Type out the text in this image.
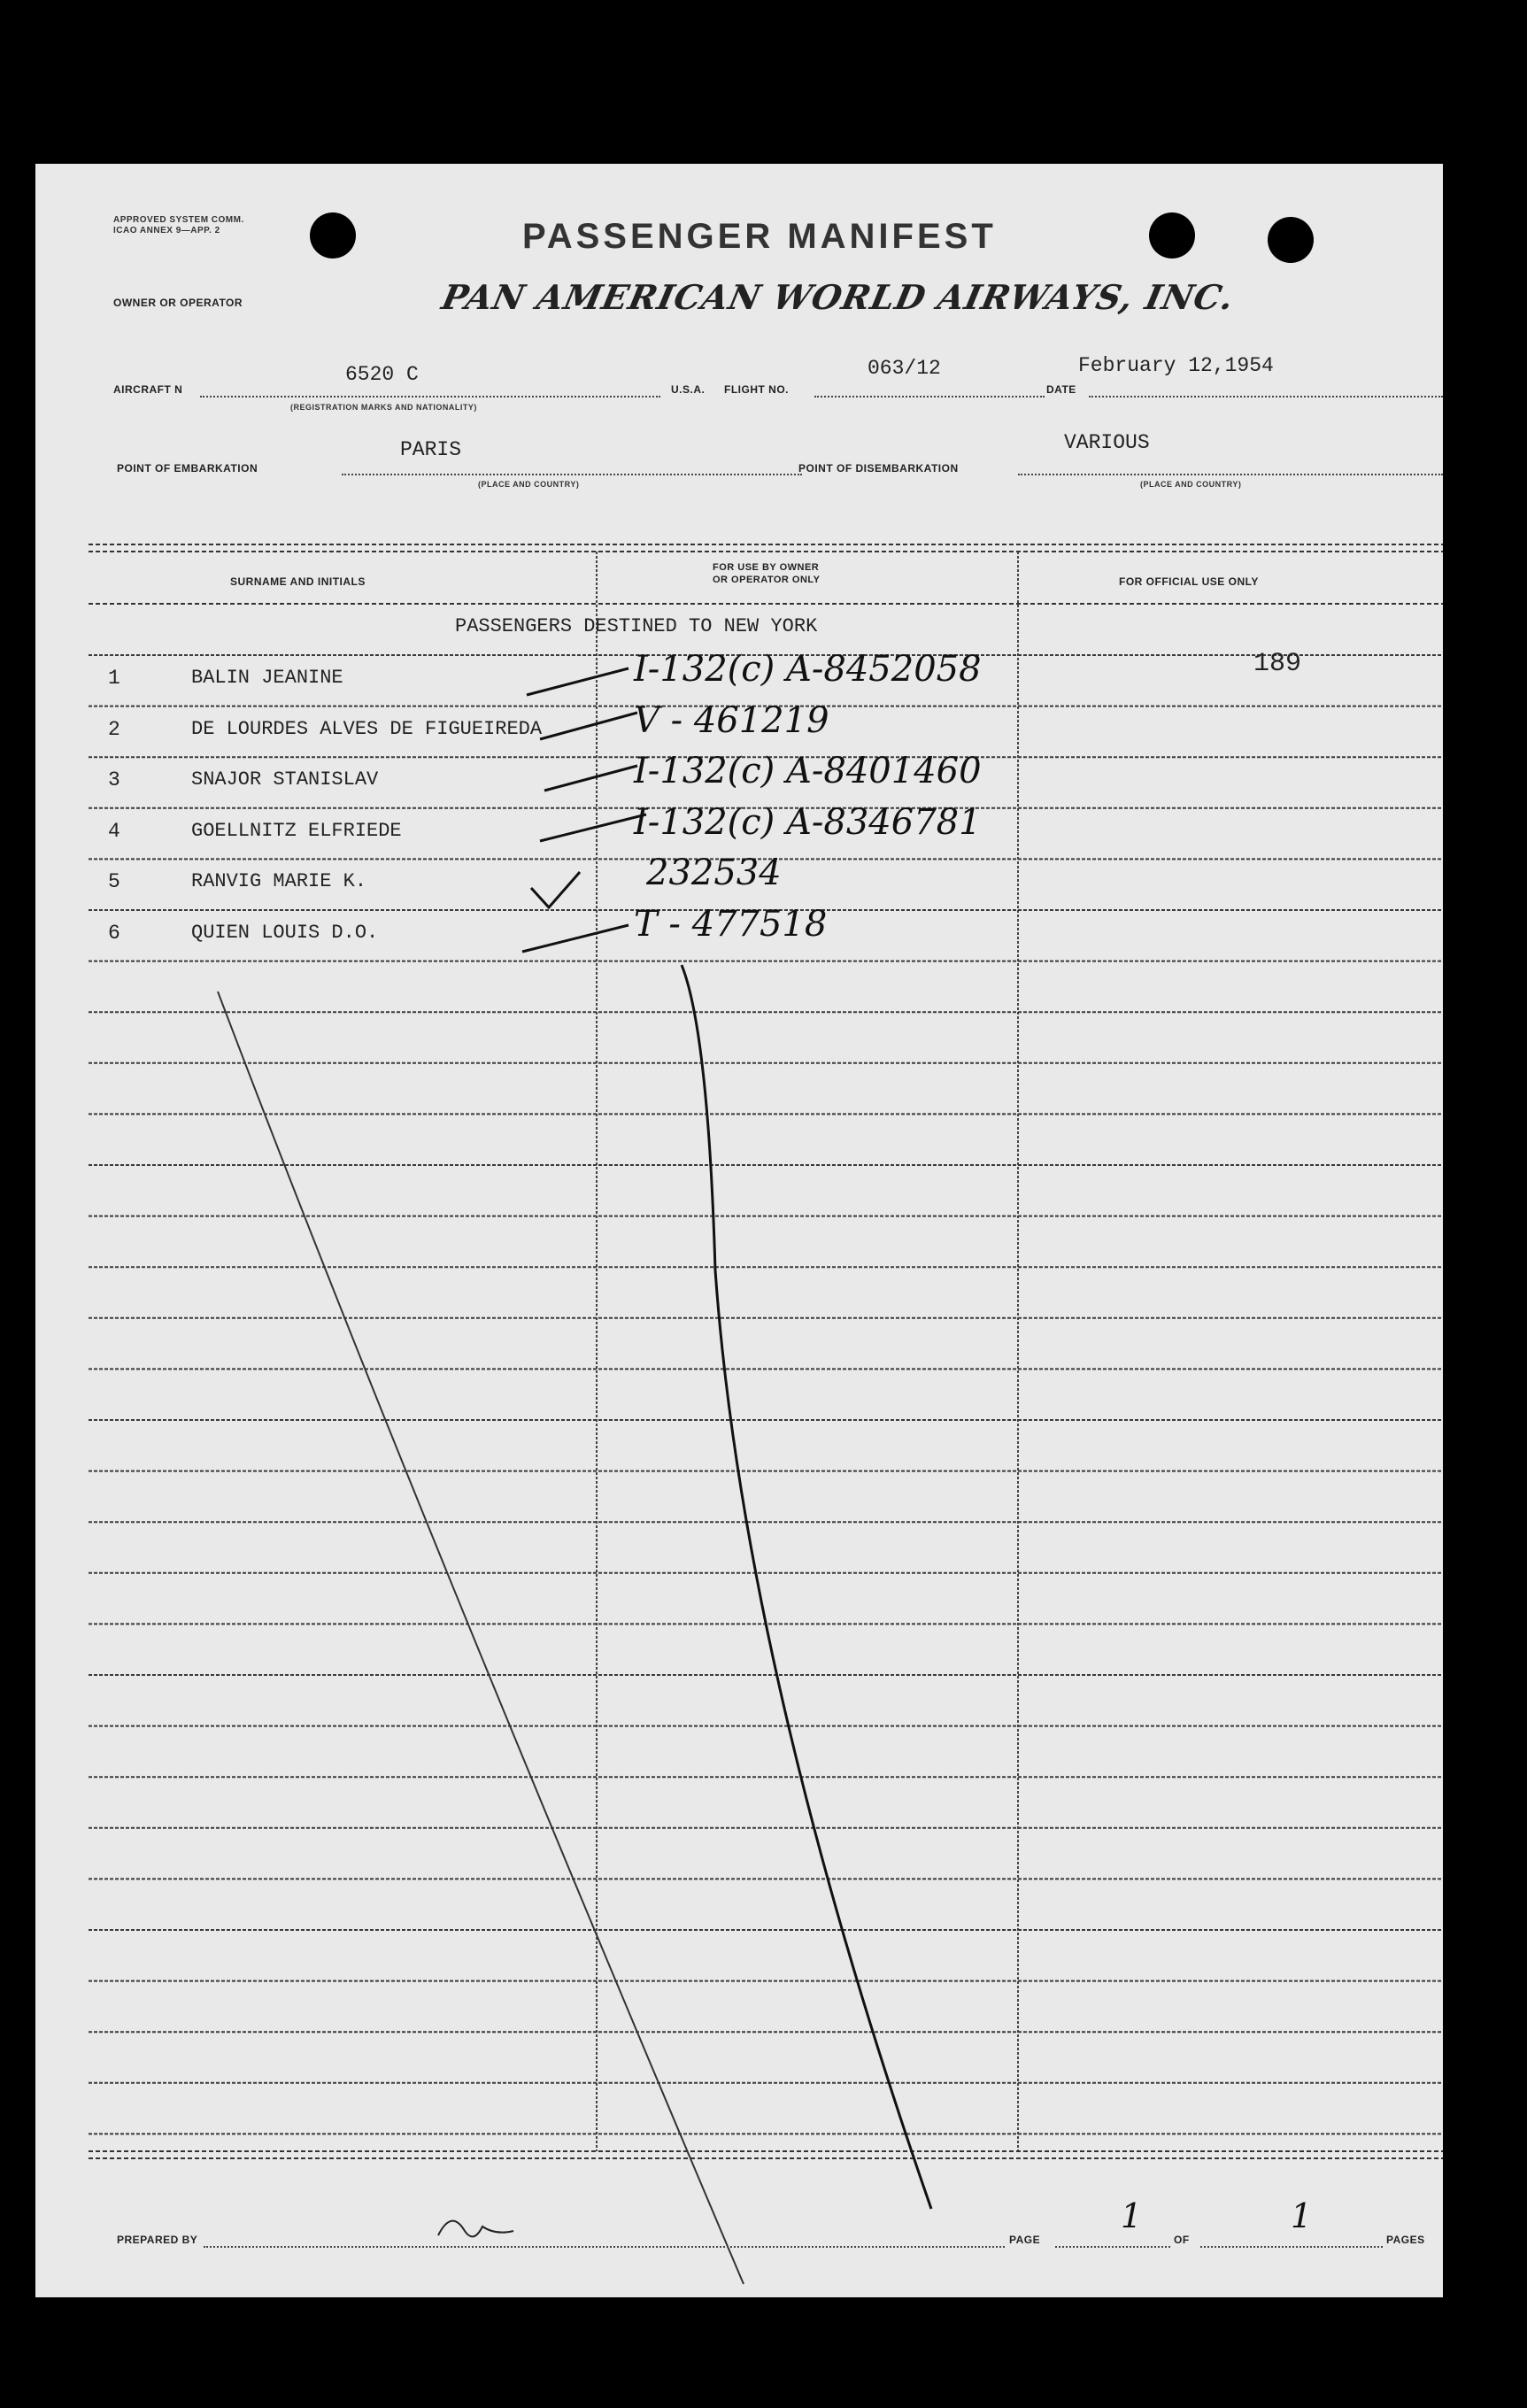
APPROVED SYSTEM COMM. ICAO ANNEX 9—APP. 2	PASSENGER MANIFEST
OWNER OR OPERATOR	PAN AMERICAN WORLD AIRWAYS, INC.
AIRCRAFT N
6520 C
(REGISTRATION MARKS AND NATIONALITY)
U.S.A. FLIGHT NO.
063/12
DATE
February 12,1954
POINT OF EMBARKATION
PARIS
(PLACE AND COUNTRY)
POINT OF DISEMBARKATION
VARIOUS
(PLACE AND COUNTRY)
SURNAME AND INITIALS
FOR USE BY OWNER
OR OPERATOR ONLY	FOR OFFICIAL USE ONLY
PASSENGERS DESTINED TO NEW YORK
189
1	BALIN JEANINE	I-132(c) A-8452058
2	DE LOURDES ALVES DE FIGUEIREDA	V - 461219
3	SNAJOR STANISLAV	I-132(c) A-8401460
4	GOELLNITZ ELFRIEDE	I-132(c) A-8346781
5	RANVIG MARIE K.	232534
6	QUIEN LOUIS D.O.	T - 477518
PREPARED BY	PAGE
1
OF
1
PAGES
